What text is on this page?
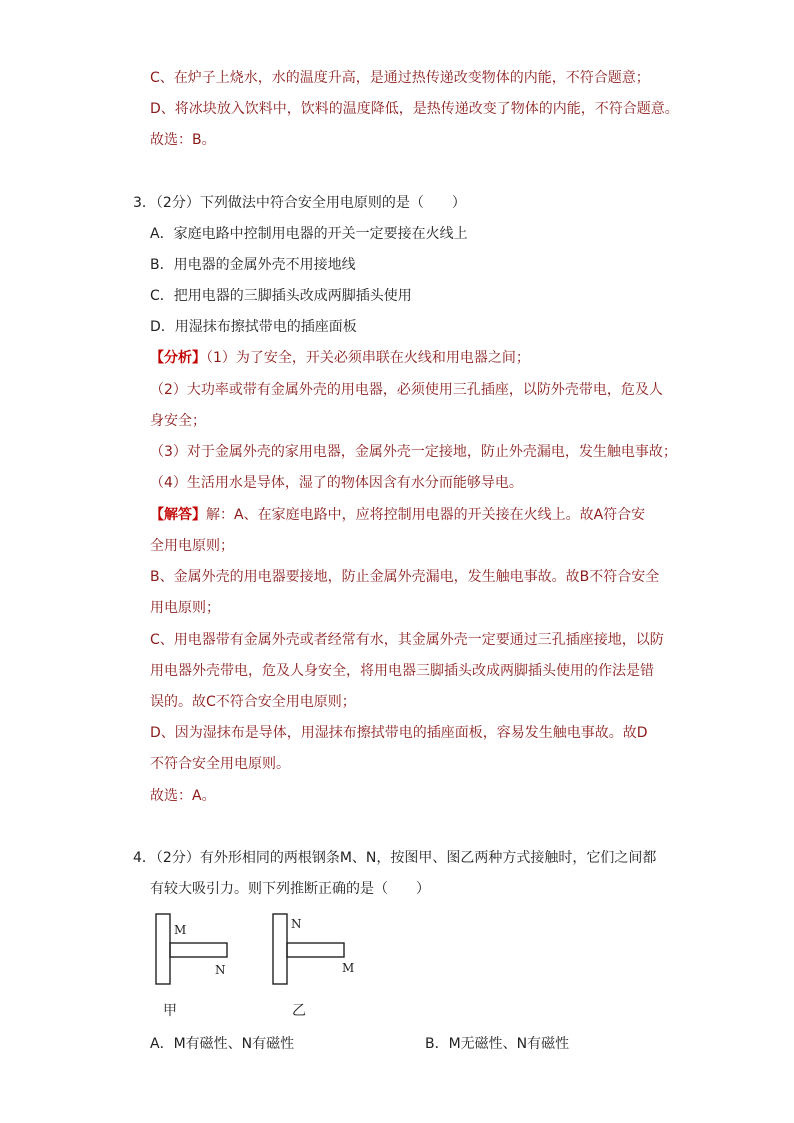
C、在炉子上烧水，水的温度升高，是通过热传递改变物体的内能，不符合题意；
D、将冰块放入饮料中，饮料的温度降低，是热传递改变了物体的内能，不符合题意。
故选：B。
3．（2分）下列做法中符合安全用电原则的是（　　）
A．家庭电路中控制用电器的开关一定要接在火线上
B．用电器的金属外壳不用接地线
C．把用电器的三脚插头改成两脚插头使用
D．用湿抹布擦拭带电的插座面板
【分析】（1）为了安全，开关必须串联在火线和用电器之间；
（2）大功率或带有金属外壳的用电器，必须使用三孔插座，以防外壳带电，危及人
身安全；
（3）对于金属外壳的家用电器，金属外壳一定接地，防止外壳漏电，发生触电事故；
（4）生活用水是导体，湿了的物体因含有水分而能够导电。
【解答】解：A、在家庭电路中，应将控制用电器的开关接在火线上。故A符合安
全用电原则；
B、金属外壳的用电器要接地，防止金属外壳漏电，发生触电事故。故B不符合安全
用电原则；
C、用电器带有金属外壳或者经常有水，其金属外壳一定要通过三孔插座接地，以防
用电器外壳带电，危及人身安全，将用电器三脚插头改成两脚插头使用的作法是错
误的。故C不符合安全用电原则；
D、因为湿抹布是导体，用湿抹布擦拭带电的插座面板，容易发生触电事故。故D
不符合安全用电原则。
故选：A。
4．（2分）有外形相同的两根钢条M、N，按图甲、图乙两种方式接触时，它们之间都
有较大吸引力。则下列推断正确的是（　　）
M
N
N
M
甲	乙
A．M有磁性、N有磁性	B．M无磁性、N有磁性
